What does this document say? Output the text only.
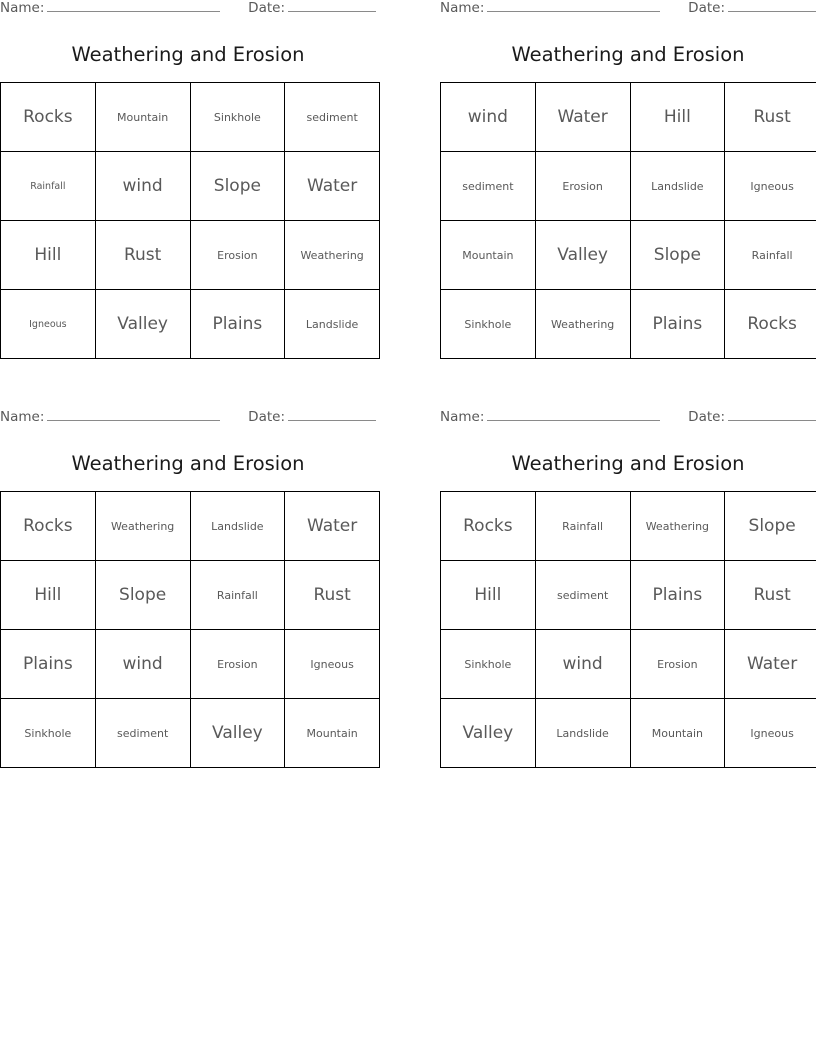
Name:	Date:
Weathering and Erosion
Rocks	Mountain	Sinkhole	sediment
Rainfall	wind	Slope	Water
Hill	Rust	Erosion	Weathering
Igneous	Valley	Plains	Landslide
Name:	Date:
Weathering and Erosion
wind	Water	Hill	Rust
sediment	Erosion	Landslide	Igneous
Mountain	Valley	Slope	Rainfall
Sinkhole	Weathering	Plains	Rocks
Name:	Date:
Weathering and Erosion
Rocks	Weathering	Landslide	Water
Hill	Slope	Rainfall	Rust
Plains	wind	Erosion	Igneous
Sinkhole	sediment	Valley	Mountain
Name:	Date:
Weathering and Erosion
Rocks	Rainfall	Weathering	Slope
Hill	sediment	Plains	Rust
Sinkhole	wind	Erosion	Water
Valley	Landslide	Mountain	Igneous
